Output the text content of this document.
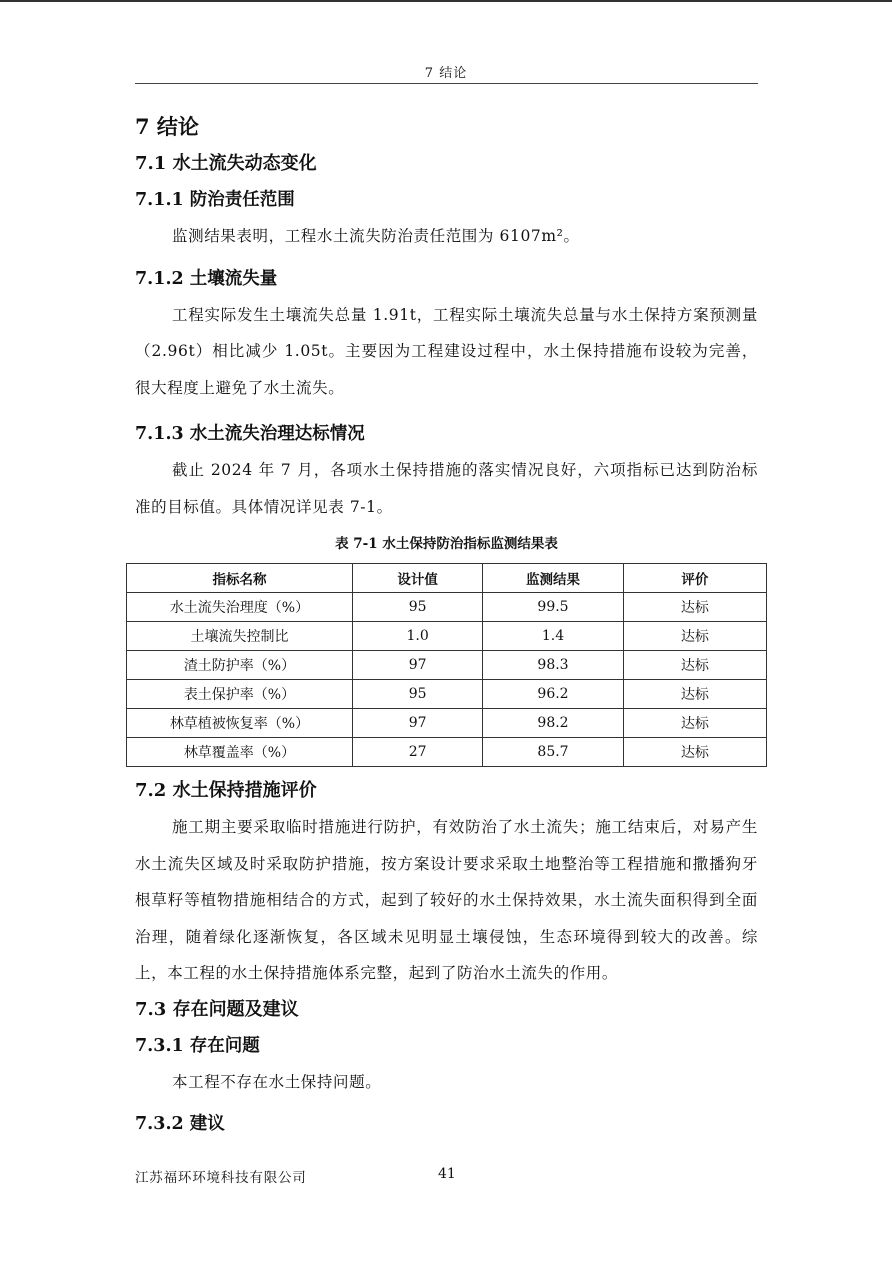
7 结论
7 结论
7.1 水土流失动态变化
7.1.1 防治责任范围

监测结果表明，工程水土流失防治责任范围为 6107m²。

7.1.2 土壤流失量

工程实际发生土壤流失总量 1.91t，工程实际土壤流失总量与水土保持方案预测量（2.96t）相比减少 1.05t。主要因为工程建设过程中，水土保持措施布设较为完善，很大程度上避免了水土流失。

7.1.3 水土流失治理达标情况

截止 2024 年 7 月，各项水土保持措施的落实情况良好，六项指标已达到防治标准的目标值。具体情况详见表 7-1。

表 7-1 水土保持防治指标监测结果表
指标名称	设计值	监测结果	评价
水土流失治理度（%）	95	99.5	达标
土壤流失控制比	1.0	1.4	达标
渣土防护率（%）	97	98.3	达标
表土保护率（%）	95	96.2	达标
林草植被恢复率（%）	97	98.2	达标
林草覆盖率（%）	27	85.7	达标
7.2 水土保持措施评价

施工期主要采取临时措施进行防护，有效防治了水土流失；施工结束后，对易产生水土流失区域及时采取防护措施，按方案设计要求采取土地整治等工程措施和撒播狗牙根草籽等植物措施相结合的方式，起到了较好的水土保持效果，水土流失面积得到全面治理，随着绿化逐渐恢复，各区域未见明显土壤侵蚀，生态环境得到较大的改善。综上，本工程的水土保持措施体系完整，起到了防治水土流失的作用。

7.3 存在问题及建议
7.3.1 存在问题

本工程不存在水土保持问题。

7.3.2 建议
江苏福环环境科技有限公司	41
